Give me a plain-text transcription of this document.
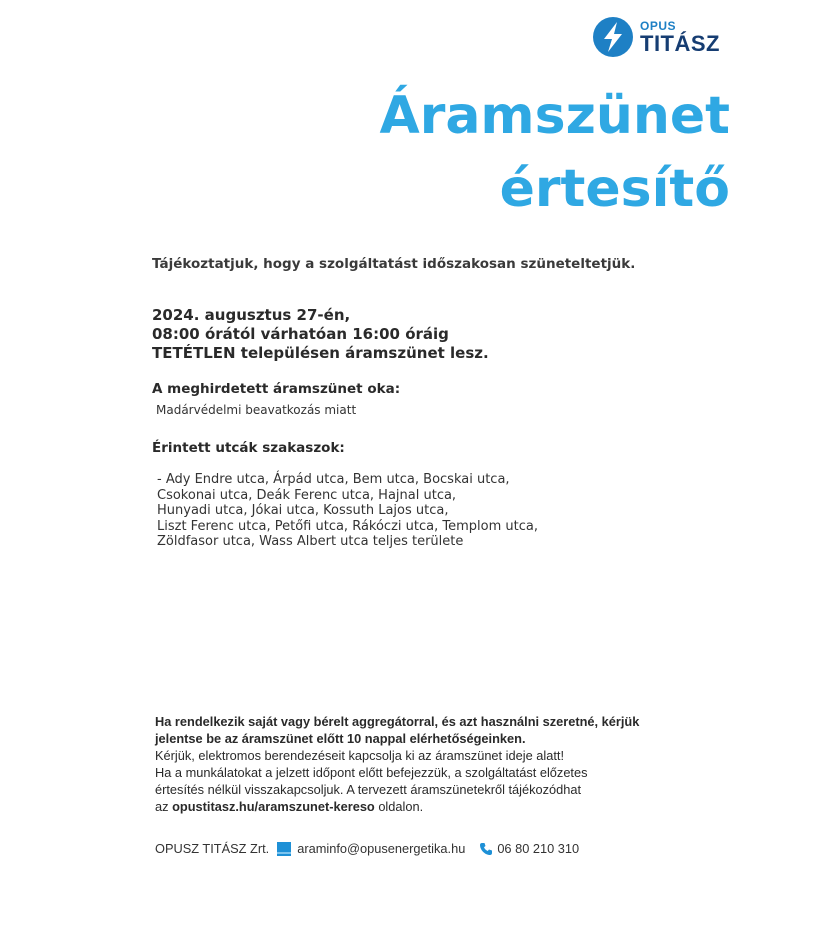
OPUS
TITÁSZ
Áramszünet
értesítő
Tájékoztatjuk, hogy a szolgáltatást időszakosan szüneteltetjük.
2024. augusztus 27-én,
08:00 órától várhatóan 16:00 óráig
TETÉTLEN településen áramszünet lesz.
A meghirdetett áramszünet oka:
Madárvédelmi beavatkozás miatt
Érintett utcák szakaszok:
- Ady Endre utca, Árpád utca, Bem utca, Bocskai utca,
Csokonai utca, Deák Ferenc utca, Hajnal utca,
Hunyadi utca, Jókai utca, Kossuth Lajos utca,
Liszt Ferenc utca, Petőfi utca, Rákóczi utca, Templom utca,
Zöldfasor utca, Wass Albert utca teljes területe
Ha rendelkezik saját vagy bérelt aggregátorral, és azt használni szeretné, kérjük
jelentse be az áramszünet előtt 10 nappal elérhetőségeinken.
Kérjük, elektromos berendezéseit kapcsolja ki az áramszünet ideje alatt!
Ha a munkálatokat a jelzett időpont előtt befejezzük, a szolgáltatást előzetes
értesítés nélkül visszakapcsoljuk. A tervezett áramszünetekről tájékozódhat
az opustitasz.hu/aramszunet-kereso oldalon.
OPUSZ TITÁSZ Zrt. araminfo@opusenergetika.hu	06 80 210 310
